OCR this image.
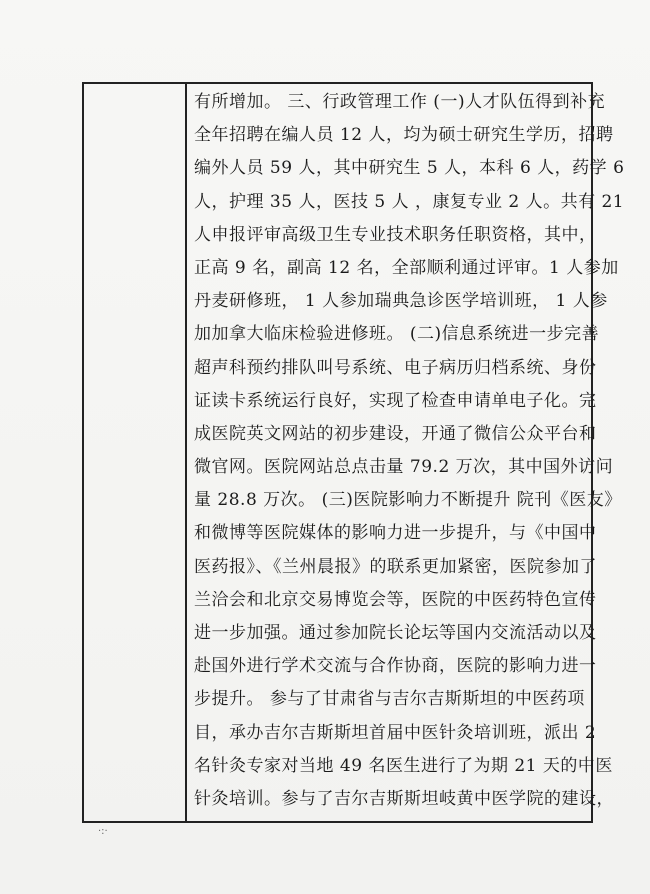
有所增加。 三、行政管理工作 (一)人才队伍得到补充
全年招聘在编人员 12 人，均为硕士研究生学历，招聘
编外人员 59 人，其中研究生 5 人，本科 6 人，药学 6
人，护理 35 人，医技 5 人 ，康复专业 2 人。共有 21
人申报评审高级卫生专业技术职务任职资格，其中，
正高 9 名，副高 12 名，全部顺利通过评审。1 人参加
丹麦研修班， 1 人参加瑞典急诊医学培训班， 1 人参
加加拿大临床检验进修班。 (二)信息系统进一步完善
超声科预约排队叫号系统、电子病历归档系统、身份
证读卡系统运行良好，实现了检查申请单电子化。完
成医院英文网站的初步建设，开通了微信公众平台和
微官网。医院网站总点击量 79.2 万次，其中国外访问
量 28.8 万次。 (三)医院影响力不断提升 院刊《医友》
和微博等医院媒体的影响力进一步提升，与《中国中
医药报》、《兰州晨报》的联系更加紧密，医院参加了
兰洽会和北京交易博览会等，医院的中医药特色宣传
进一步加强。通过参加院长论坛等国内交流活动以及
赴国外进行学术交流与合作协商，医院的影响力进一
步提升。 参与了甘肃省与吉尔吉斯斯坦的中医药项
目，承办吉尔吉斯斯坦首届中医针灸培训班，派出 2
名针灸专家对当地 49 名医生进行了为期 21 天的中医
针灸培训。参与了吉尔吉斯斯坦岐黄中医学院的建设，
·:·
